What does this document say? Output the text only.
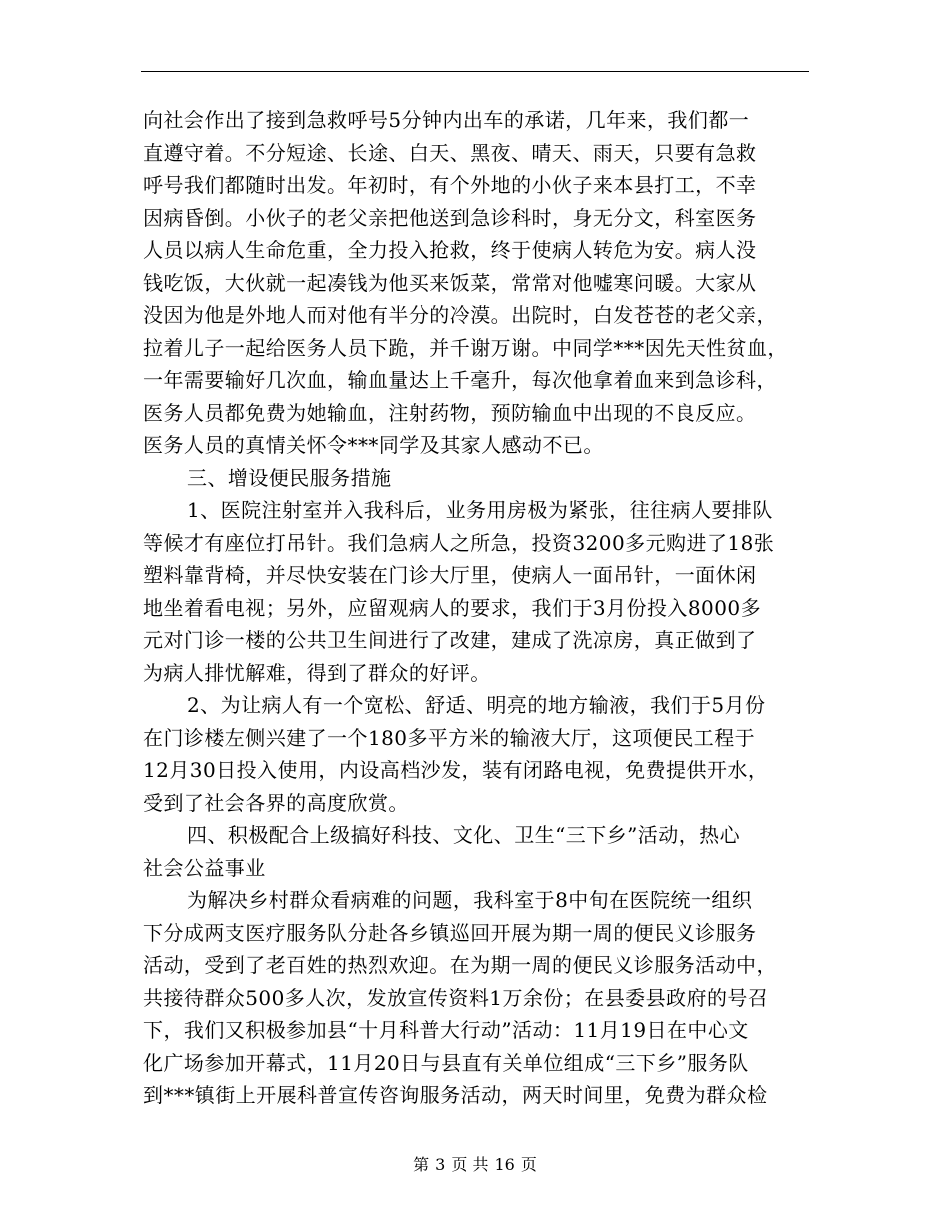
向社会作出了接到急救呼号5分钟内出车的承诺，几年来，我们都一
直遵守着。不分短途、长途、白天、黑夜、晴天、雨天，只要有急救
呼号我们都随时出发。年初时，有个外地的小伙子来本县打工，不幸
因病昏倒。小伙子的老父亲把他送到急诊科时，身无分文，科室医务
人员以病人生命危重，全力投入抢救，终于使病人转危为安。病人没
钱吃饭，大伙就一起凑钱为他买来饭菜，常常对他嘘寒问暖。大家从
没因为他是外地人而对他有半分的冷漠。出院时，白发苍苍的老父亲，
拉着儿子一起给医务人员下跪，并千谢万谢。中同学***因先天性贫血，
一年需要输好几次血，输血量达上千毫升，每次他拿着血来到急诊科，
医务人员都免费为她输血，注射药物，预防输血中出现的不良反应。
医务人员的真情关怀令***同学及其家人感动不已。
三、增设便民服务措施
1、医院注射室并入我科后，业务用房极为紧张，往往病人要排队
等候才有座位打吊针。我们急病人之所急，投资3200多元购进了18张
塑料靠背椅，并尽快安装在门诊大厅里，使病人一面吊针，一面休闲
地坐着看电视；另外，应留观病人的要求，我们于3月份投入8000多
元对门诊一楼的公共卫生间进行了改建，建成了洗凉房，真正做到了
为病人排忧解难，得到了群众的好评。
2、为让病人有一个宽松、舒适、明亮的地方输液，我们于5月份
在门诊楼左侧兴建了一个180多平方米的输液大厅，这项便民工程于
12月30日投入使用，内设高档沙发，装有闭路电视，免费提供开水，
受到了社会各界的高度欣赏。
四、积极配合上级搞好科技、文化、卫生“三下乡”活动，热心
社会公益事业
为解决乡村群众看病难的问题，我科室于8中旬在医院统一组织
下分成两支医疗服务队分赴各乡镇巡回开展为期一周的便民义诊服务
活动，受到了老百姓的热烈欢迎。在为期一周的便民义诊服务活动中，
共接待群众500多人次，发放宣传资料1万余份；在县委县政府的号召
下，我们又积极参加县“十月科普大行动”活动：11月19日在中心文
化广场参加开幕式，11月20日与县直有关单位组成“三下乡”服务队
到***镇街上开展科普宣传咨询服务活动，两天时间里，免费为群众检
第 3 页 共 16 页
